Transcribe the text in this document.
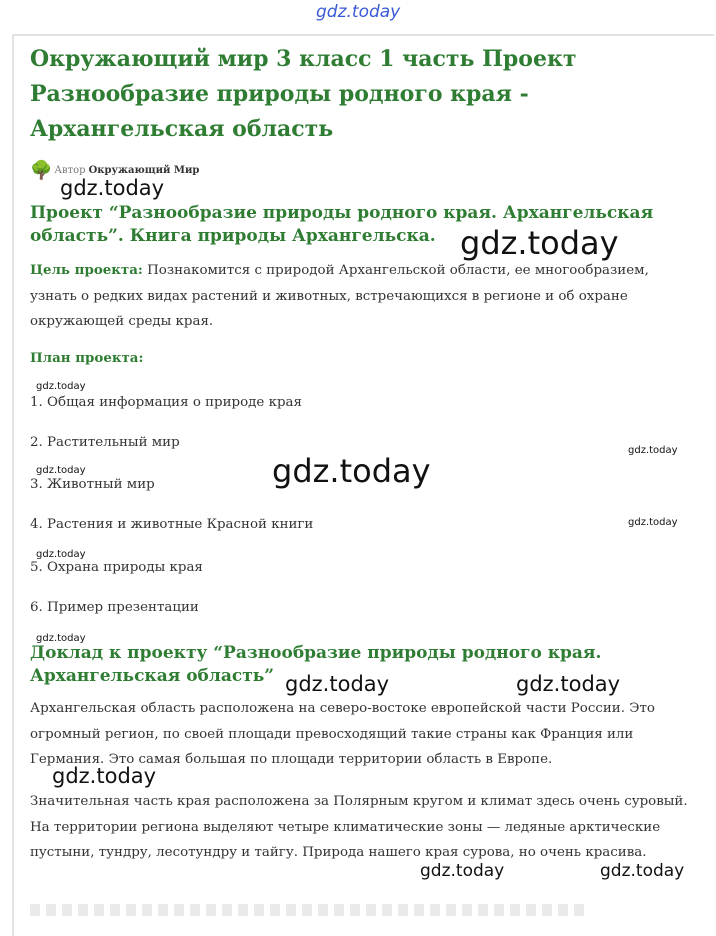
gdz.today
Окружающий мир 3 класс 1 часть Проект Разнообразие природы родного края - Архангельская область
🌳 Автор Окружающий Мир
Проект “Разнообразие природы родного края. Архангельская область”. Книга природы Архангельска.
Цель проекта: Познакомится с природой Архангельской области, ее многообразием, узнать о редких видах растений и животных, встречающихся в регионе и об охране окружающей среды края.
План проекта:
1. Общая информация о природе края
2. Растительный мир
3. Животный мир
4. Растения и животные Красной книги
5. Охрана природы края
6. Пример презентации
Доклад к проекту “Разнообразие природы родного края. Архангельская область”
Архангельская область расположена на северо-востоке европейской части России. Это огромный регион, по своей площади превосходящий такие страны как Франция или Германия. Это самая большая по площади территории область в Европе.
Значительная часть края расположена за Полярным кругом и климат здесь очень суровый. На территории региона выделяют четыре климатические зоны — ледяные арктические пустыни, тундру, лесотундру и тайгу. Природа нашего края сурова, но очень красива.
gdz.today
gdz.today
gdz.today
gdz.today
gdz.today	gdz.today
gdz.today
gdz.today
gdz.today
gdz.today	gdz.today
gdz.today
gdz.today	gdz.today
